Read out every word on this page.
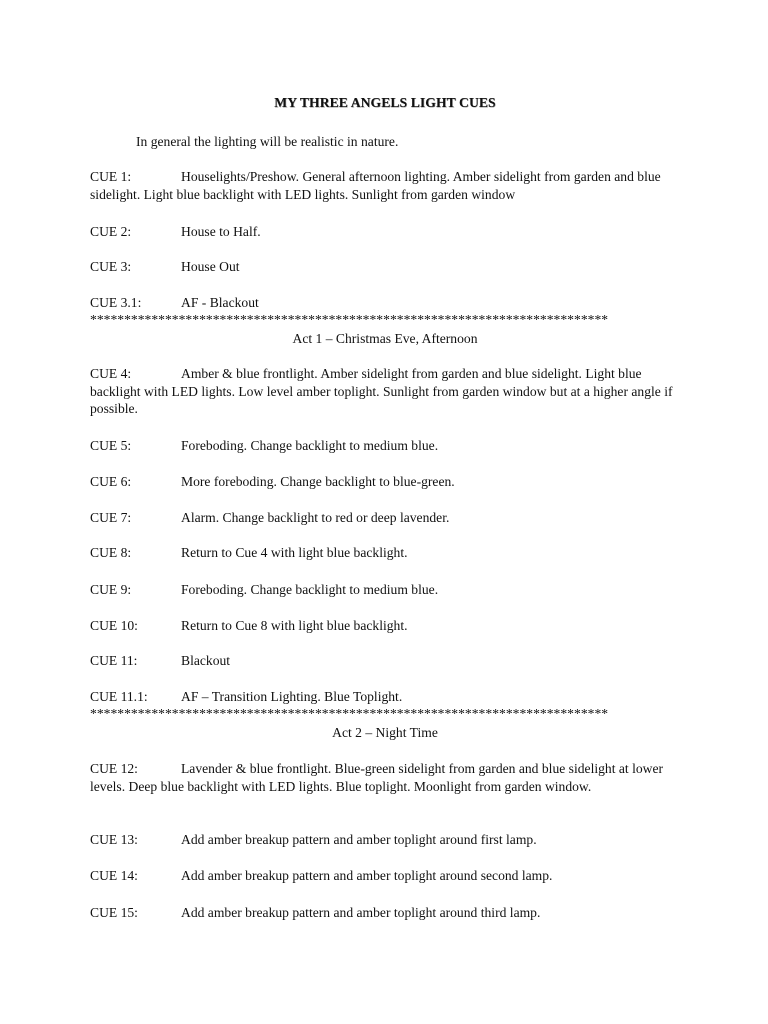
MY THREE ANGELS LIGHT CUES
In general the lighting will be realistic in nature.
CUE 1:	Houselights/Preshow. General afternoon lighting. Amber sidelight from garden and blue sidelight. Light blue backlight with LED lights. Sunlight from garden window
CUE 2:	House to Half.
CUE 3:	House Out
CUE 3.1:	AF - Blackout
****************************************************************************
Act 1 – Christmas Eve, Afternoon
CUE 4:	Amber & blue frontlight. Amber sidelight from garden and blue sidelight. Light blue backlight with LED lights. Low level amber toplight. Sunlight from garden window but at a higher angle if possible.
CUE 5:	Foreboding. Change backlight to medium blue.
CUE 6:	More foreboding. Change backlight to blue-green.
CUE 7:	Alarm. Change backlight to red or deep lavender.
CUE 8:	Return to Cue 4 with light blue backlight.
CUE 9:	Foreboding. Change backlight to medium blue.
CUE 10:	Return to Cue 8 with light blue backlight.
CUE 11:	Blackout
CUE 11.1: AF – Transition Lighting. Blue Toplight.
****************************************************************************
Act 2 – Night Time
CUE 12:	Lavender & blue frontlight. Blue-green sidelight from garden and blue sidelight at lower levels. Deep blue backlight with LED lights. Blue toplight. Moonlight from garden window.
CUE 13:	Add amber breakup pattern and amber toplight around first lamp.
CUE 14:	Add amber breakup pattern and amber toplight around second lamp.
CUE 15:	Add amber breakup pattern and amber toplight around third lamp.
